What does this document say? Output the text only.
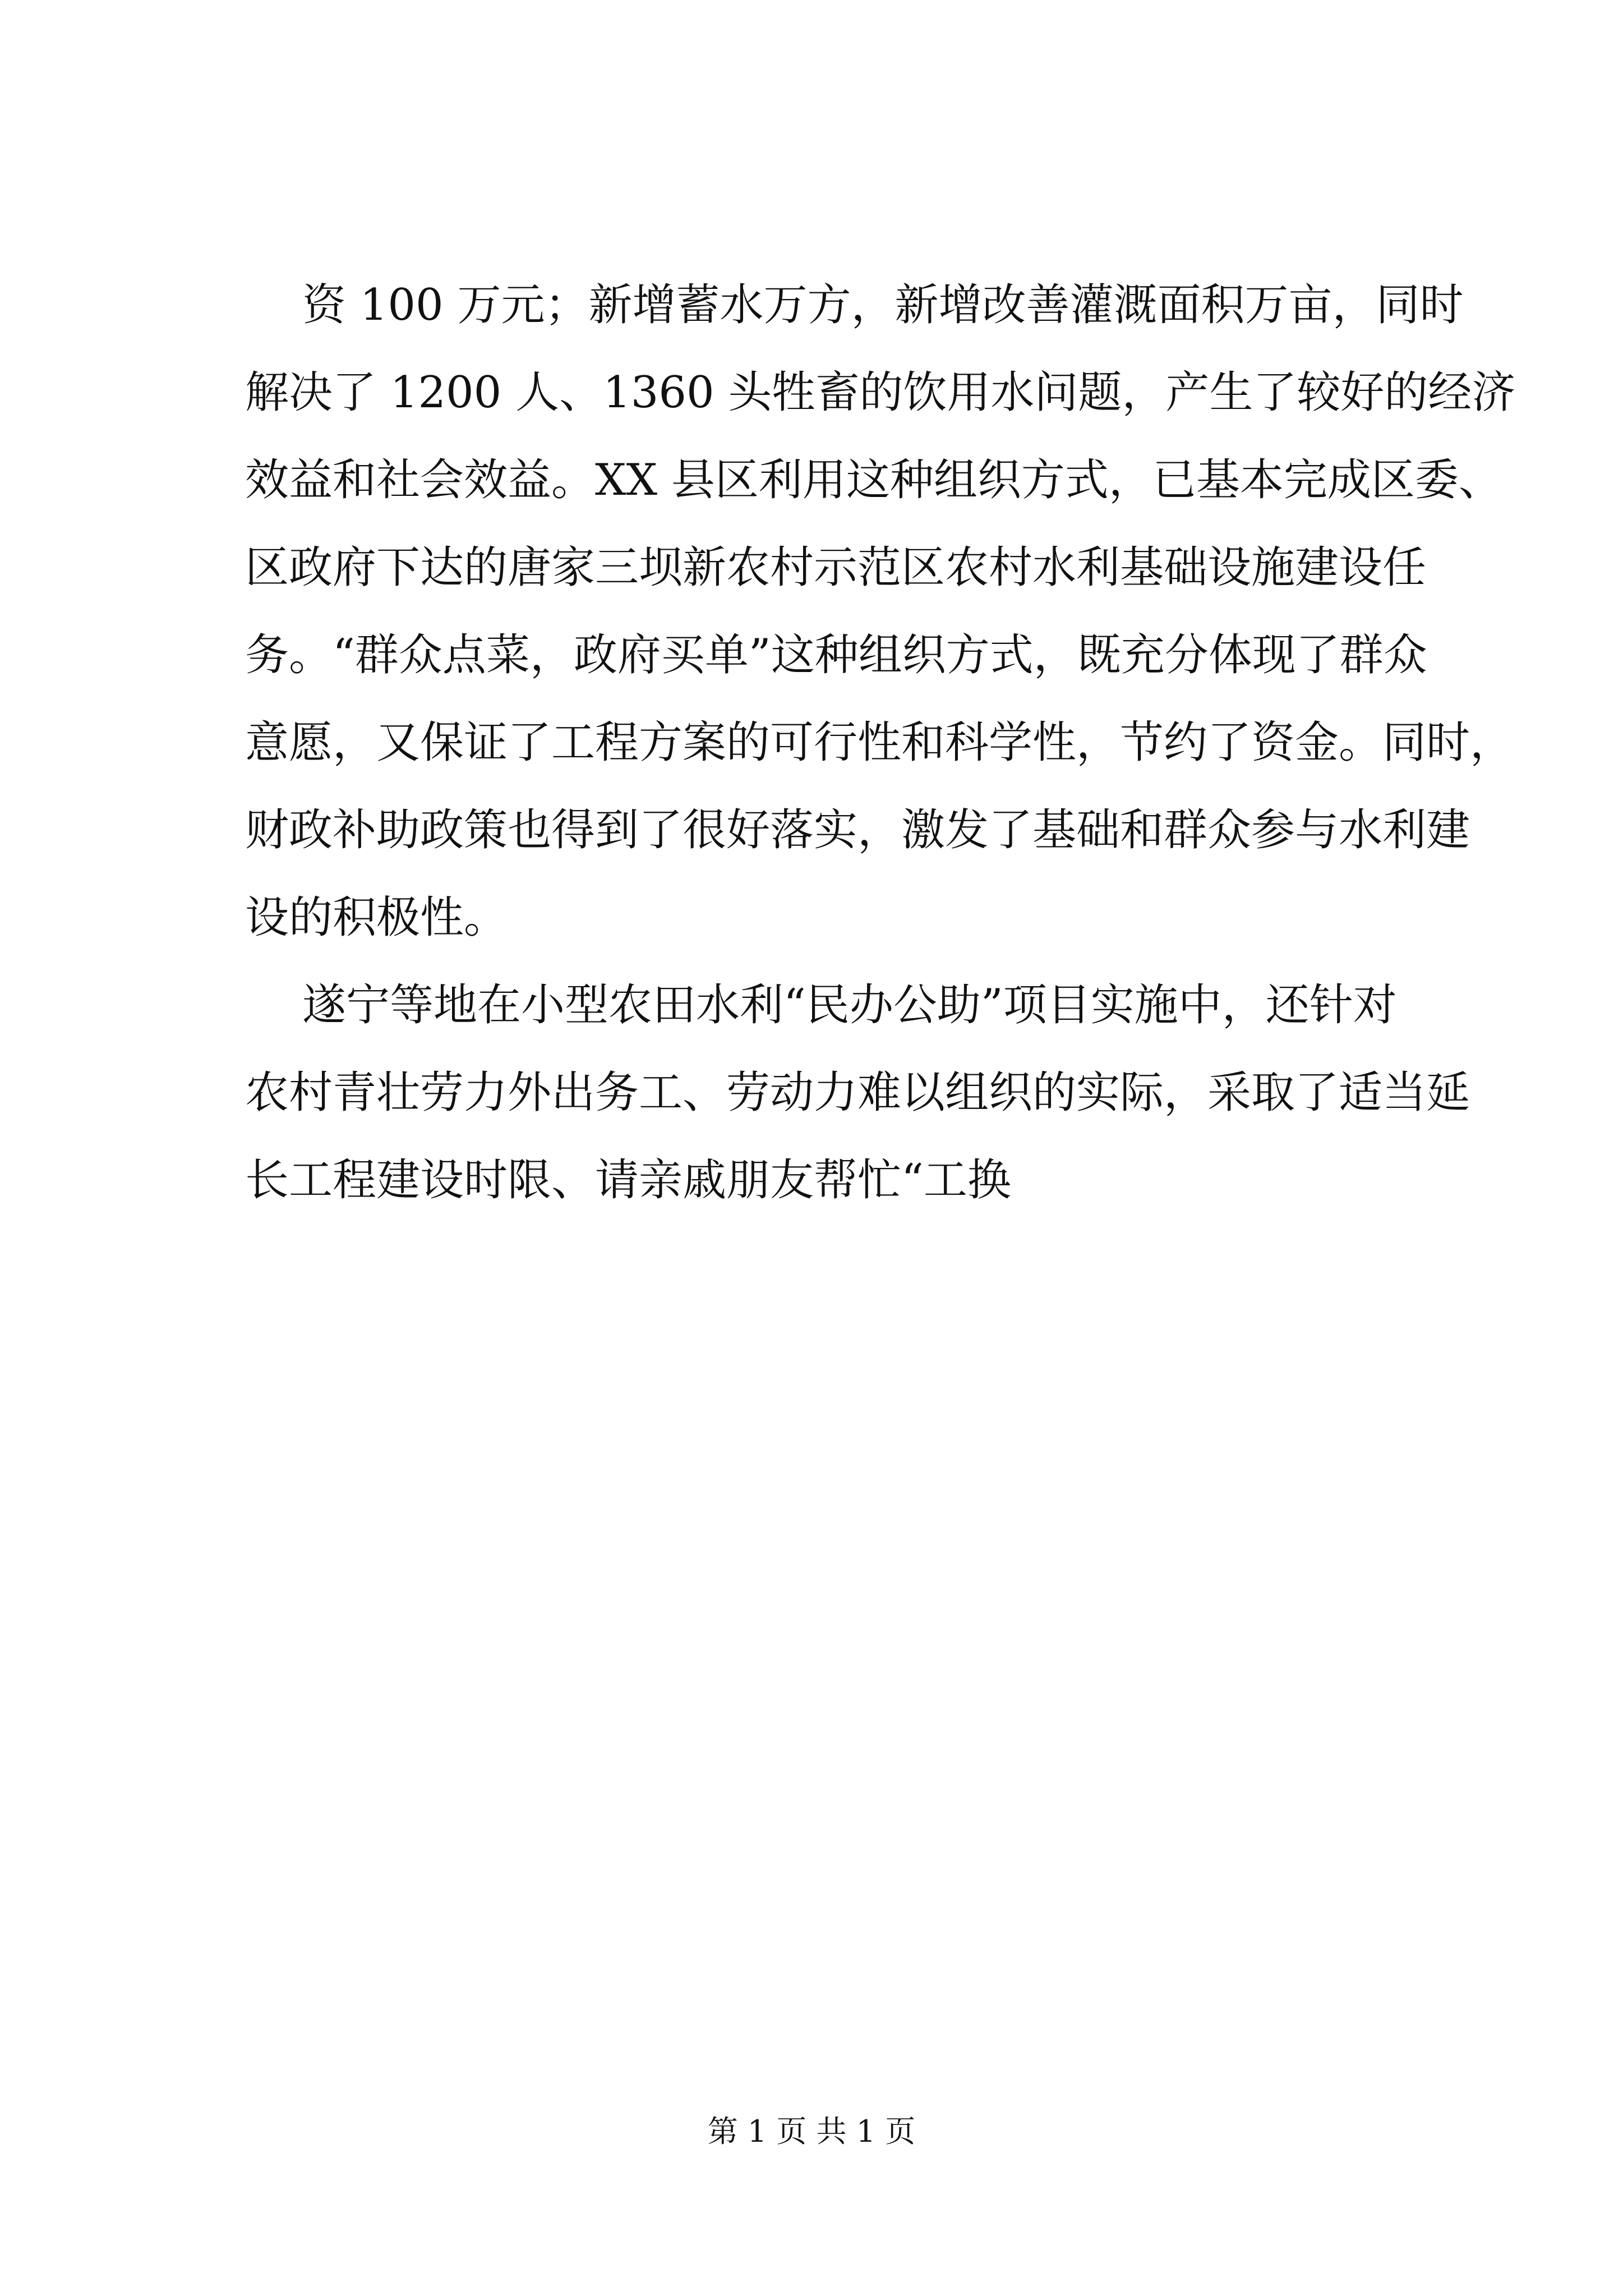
资 100 万元；新增蓄水万方，新增改善灌溉面积万亩，同时
解决了 1200 人、1360 头牲畜的饮用水问题，产生了较好的经济
效益和社会效益。XX 县区利用这种组织方式，已基本完成区委、
区政府下达的唐家三坝新农村示范区农村水利基础设施建设任
务。“群众点菜，政府买单”这种组织方式，既充分体现了群众
意愿，又保证了工程方案的可行性和科学性，节约了资金。同时，
财政补助政策也得到了很好落实，激发了基础和群众参与水利建
设的积极性。
遂宁等地在小型农田水利“民办公助”项目实施中，还针对
农村青壮劳力外出务工、劳动力难以组织的实际，采取了适当延
长工程建设时限、请亲戚朋友帮忙“工换
第 1 页 共 1 页
